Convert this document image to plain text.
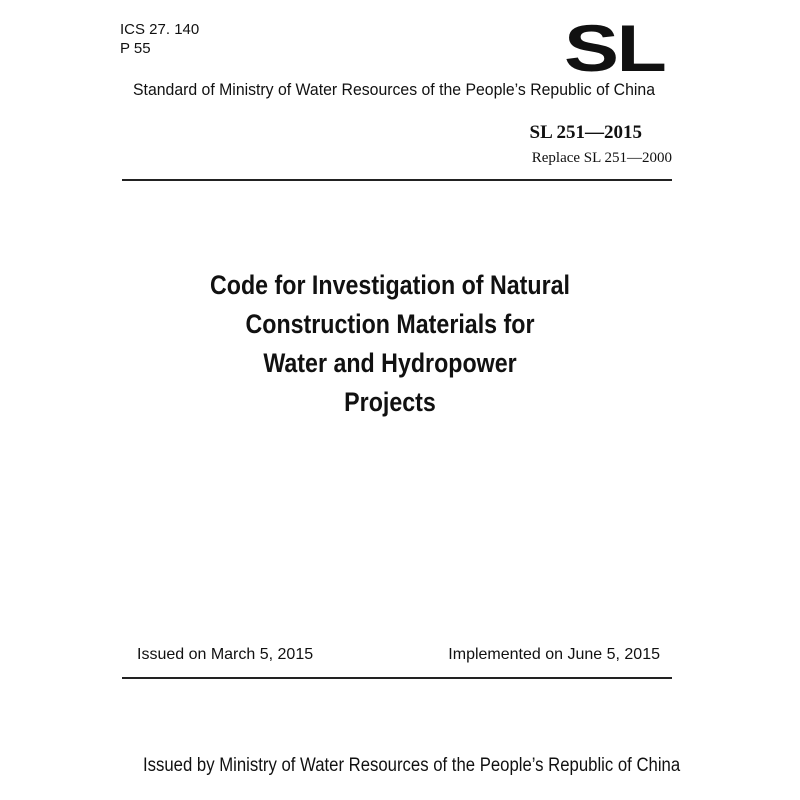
ICS 27. 140
P 55	SL
Standard of Ministry of Water Resources of the People’s Republic of China
SL 251—2015
Replace SL 251—2000
Code for Investigation of Natural
Construction Materials for
Water and Hydropower
Projects
Issued on March 5, 2015	Implemented on June 5, 2015
Issued by Ministry of Water Resources of the People’s Republic of China
